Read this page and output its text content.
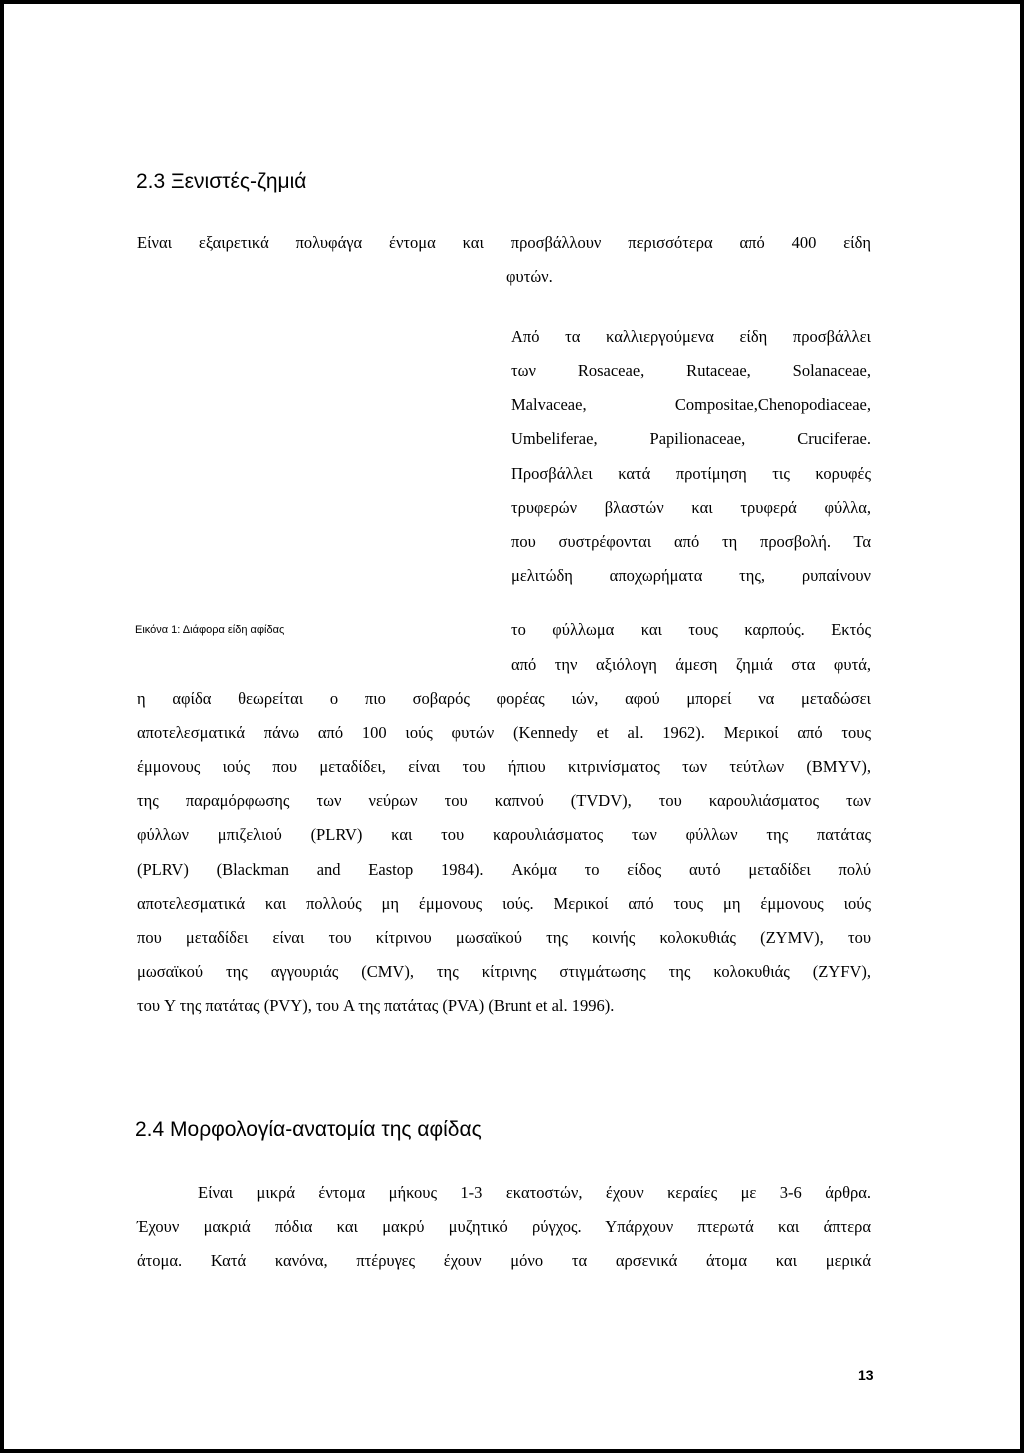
2.3 Ξενιστές-ζημιά
Είναι εξαιρετικά πολυφάγα έντομα και προσβάλλουν περισσότερα από 400 είδη
φυτών.
Από τα καλλιεργούμενα είδη προσβάλλει
των Rosaceae, Rutaceae, Solanaceae,
Malvaceae, Compositae,Chenopodiaceae,
Umbeliferae, Papilionaceae, Cruciferae.
Προσβάλλει κατά προτίμηση τις κορυφές
τρυφερών βλαστών και τρυφερά φύλλα,
που συστρέφονται από τη προσβολή. Τα
μελιτώδη αποχωρήματα της, ρυπαίνουν
Εικόνα 1: Διάφορα είδη αφίδας	το φύλλωμα και τους καρπούς. Εκτός
από την αξιόλογη άμεση ζημιά στα φυτά,
η αφίδα θεωρείται ο πιο σοβαρός φορέας ιών, αφού μπορεί να μεταδώσει
αποτελεσματικά πάνω από 100 ιούς φυτών (Kennedy et al. 1962). Μερικοί από τους
έμμονους ιούς που μεταδίδει, είναι του ήπιου κιτρινίσματος των τεύτλων (BMYV),
της παραμόρφωσης των νεύρων του καπνού (TVDV), του καρουλιάσματος των
φύλλων μπιζελιού (PLRV) και του καρουλιάσματος των φύλλων της πατάτας
(PLRV) (Blackman and Eastop 1984). Ακόμα το είδος αυτό μεταδίδει πολύ
αποτελεσματικά και πολλούς μη έμμονους ιούς. Μερικοί από τους μη έμμονους ιούς
που μεταδίδει είναι του κίτρινου μωσαϊκού της κοινής κολοκυθιάς (ZYMV), του
μωσαϊκού της αγγουριάς (CMV), της κίτρινης στιγμάτωσης της κολοκυθιάς (ZYFV),
του Y της πατάτας (PVY), του A της πατάτας (PVA) (Brunt et al. 1996).
2.4 Μορφολογία-ανατομία της αφίδας
Είναι μικρά έντομα μήκους 1-3 εκατοστών, έχουν κεραίες με 3-6 άρθρα.
Έχουν μακριά πόδια και μακρύ μυζητικό ρύγχος. Υπάρχουν πτερωτά και άπτερα
άτομα. Κατά κανόνα, πτέρυγες έχουν μόνο τα αρσενικά άτομα και μερικά
13
